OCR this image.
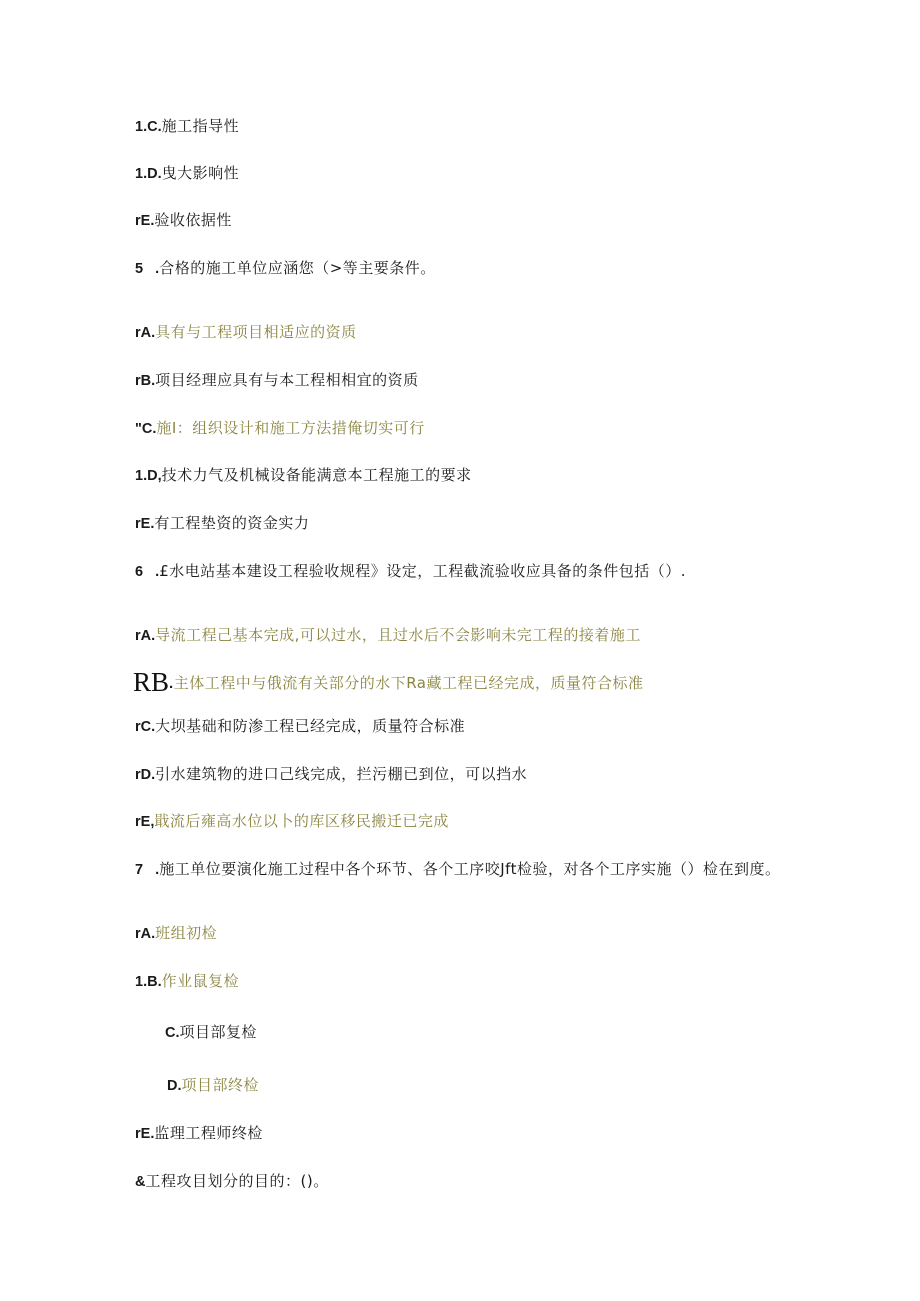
1.C.施工指导性
1.D.曳大影响性
rE.验收依据性
5   .合格的施工单位应涵您（>等主要条件。
rA.具有与工程项目相适应的资质
rB.项目经理应具有与本工程相相宜的资质
"C.施I：组织设计和施工方法措俺切实可行
1.D,技术力气及机械设备能满意本工程施工的要求
rE.有工程垫资的资金实力
6   .£水电站基本建设工程验收规程》设定，工程截流验收应具备的条件包括（）.
rA.导流工程己基本完成,可以过水，且过水后不会影响未完工程的接着施工
RB.主体工程中与俄流有关部分的水下Ra藏工程已经完成，质量符合标准
rC.大坝基础和防渗工程已经完成，质量符合标准
rD.引水建筑物的进口己线完成，拦污棚已到位，可以挡水
rE,戢流后雍高水位以卜的库区移民搬迁已完成
7   .施工单位要演化施工过程中各个环节、各个工序咬Jft检验，对各个工序实施（）检在到度。
rA.班组初检
1.B.作业鼠复检
C.项目部复检
D.项目部终检
rE.监理工程师终检
&工程攻目划分的目的：()。
